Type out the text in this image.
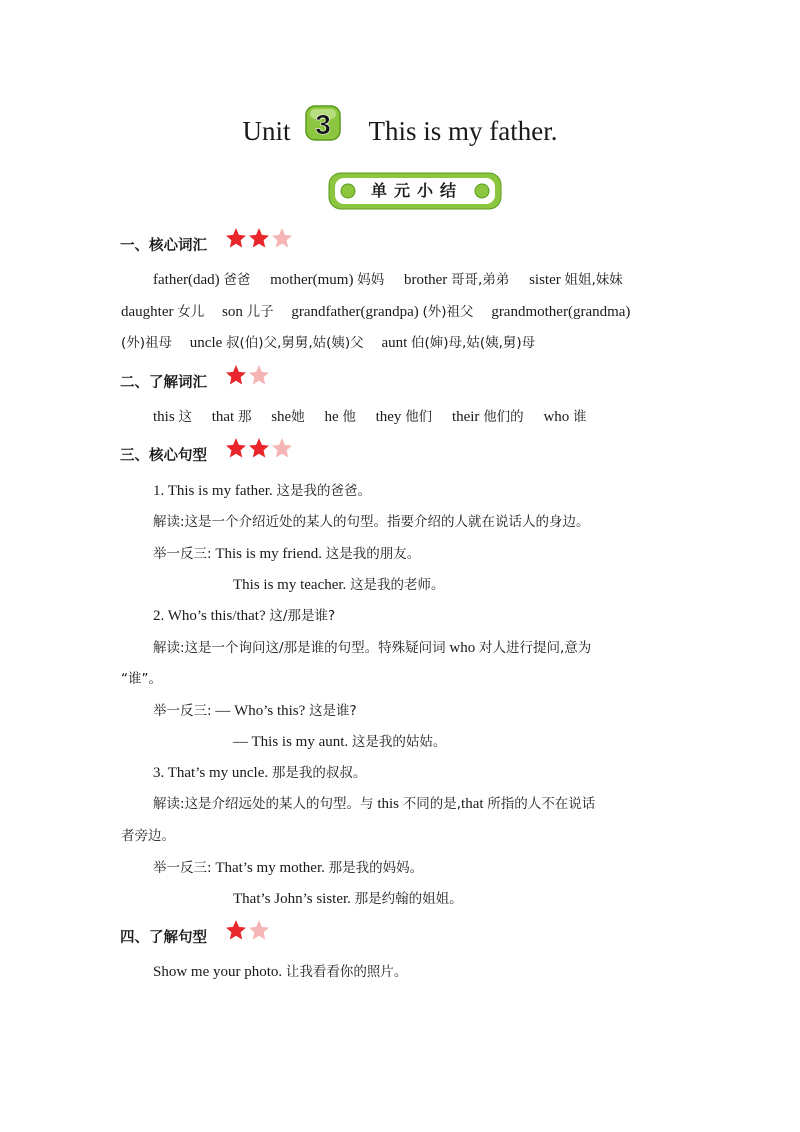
Unit 3 This is my father.
单元小结
一、核心词汇
father(dad) 爸爸 mother(mum) 妈妈 brother 哥哥,弟弟 sister 姐姐,妹妹
daughter 女儿 son 儿子 grandfather(grandpa) (外)祖父 grandmother(grandma)
(外)祖母 uncle 叔(伯)父,舅舅,姑(姨)父 aunt 伯(婶)母,姑(姨,舅)母
二、了解词汇
this 这 that 那 she她 he 他 they 他们 their 他们的 who 谁
三、核心句型
1. This is my father. 这是我的爸爸。
解读:这是一个介绍近处的某人的句型。指要介绍的人就在说话人的身边。
举一反三: This is my friend. 这是我的朋友。
This is my teacher. 这是我的老师。
2. Who’s this/that? 这/那是谁?
解读:这是一个询问这/那是谁的句型。特殊疑问词 who 对人进行提问,意为
“谁”。
举一反三: — Who’s this? 这是谁?
— This is my aunt. 这是我的姑姑。
3. That’s my uncle. 那是我的叔叔。
解读:这是介绍远处的某人的句型。与 this 不同的是,that 所指的人不在说话
者旁边。
举一反三: That’s my mother. 那是我的妈妈。
That’s John’s sister. 那是约翰的姐姐。
四、了解句型
Show me your photo. 让我看看你的照片。
